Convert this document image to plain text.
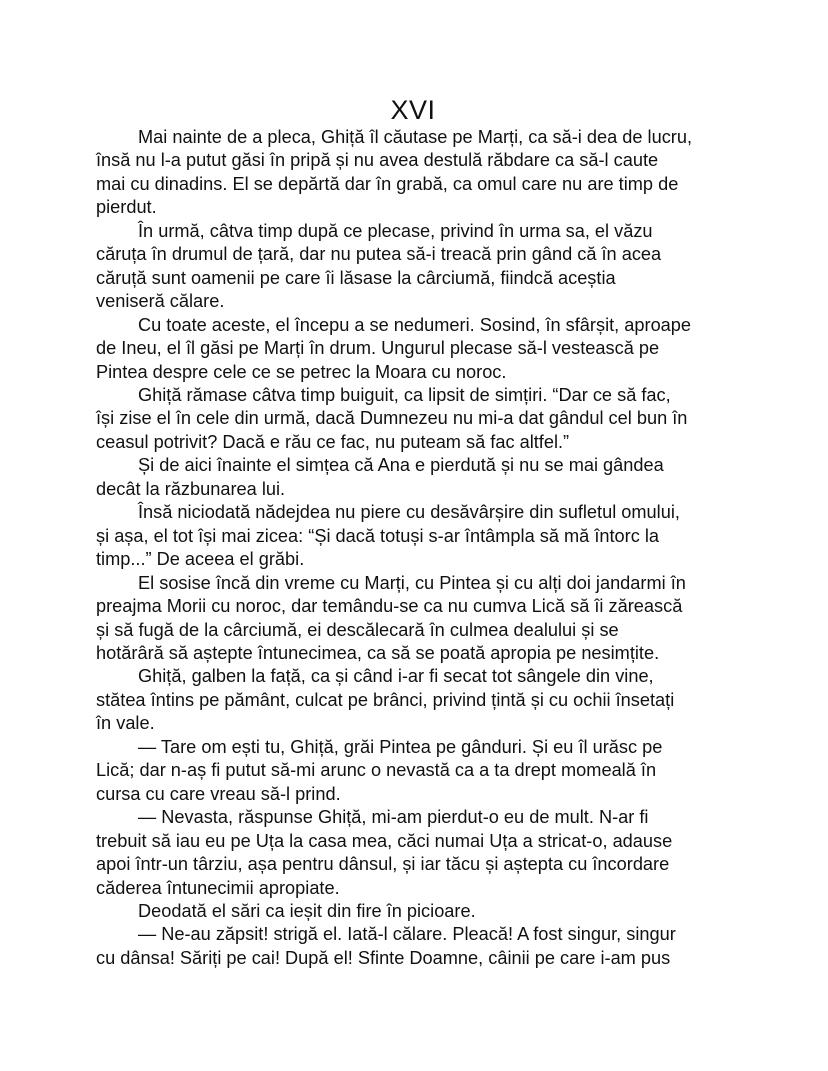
XVI
Mai nainte de a pleca, Ghiță îl căutase pe Marți, ca să-i dea de lucru,
însă nu l-a putut găsi în pripă și nu avea destulă răbdare ca să-l caute
mai cu dinadins. El se depărtă dar în grabă, ca omul care nu are timp de
pierdut.
În urmă, câtva timp după ce plecase, privind în urma sa, el văzu
căruța în drumul de țară, dar nu putea să-i treacă prin gând că în acea
căruță sunt oamenii pe care îi lăsase la cârciumă, fiindcă aceștia
veniseră călare.
Cu toate aceste, el începu a se nedumeri. Sosind, în sfârșit, aproape
de Ineu, el îl găsi pe Marți în drum. Ungurul plecase să-l vestească pe
Pintea despre cele ce se petrec la Moara cu noroc.
Ghiță rămase câtva timp buiguit, ca lipsit de simțiri. “Dar ce să fac,
își zise el în cele din urmă, dacă Dumnezeu nu mi-a dat gândul cel bun în
ceasul potrivit? Dacă e rău ce fac, nu puteam să fac altfel.”
Și de aici înainte el simțea că Ana e pierdută și nu se mai gândea
decât la răzbunarea lui.
Însă niciodată nădejdea nu piere cu desăvârșire din sufletul omului,
și așa, el tot își mai zicea: “Și dacă totuși s-ar întâmpla să mă întorc la
timp...” De aceea el grăbi.
El sosise încă din vreme cu Marți, cu Pintea și cu alți doi jandarmi în
preajma Morii cu noroc, dar temându-se ca nu cumva Lică să îi zărească
și să fugă de la cârciumă, ei descălecară în culmea dealului și se
hotărâră să aștepte întunecimea, ca să se poată apropia pe nesimțite.
Ghiță, galben la față, ca și când i-ar fi secat tot sângele din vine,
stătea întins pe pământ, culcat pe brânci, privind țintă și cu ochii însetați
în vale.
— Tare om ești tu, Ghiță, grăi Pintea pe gânduri. Și eu îl urăsc pe
Lică; dar n-aș fi putut să-mi arunc o nevastă ca a ta drept momeală în
cursa cu care vreau să-l prind.
— Nevasta, răspunse Ghiță, mi-am pierdut-o eu de mult. N-ar fi
trebuit să iau eu pe Uța la casa mea, căci numai Uța a stricat-o, adause
apoi într-un târziu, așa pentru dânsul, și iar tăcu și aștepta cu încordare
căderea întunecimii apropiate.
Deodată el sări ca ieșit din fire în picioare.
— Ne-au zăpsit! strigă el. Iată-l călare. Pleacă! A fost singur, singur
cu dânsa! Săriți pe cai! După el! Sfinte Doamne, câinii pe care i-am pus
